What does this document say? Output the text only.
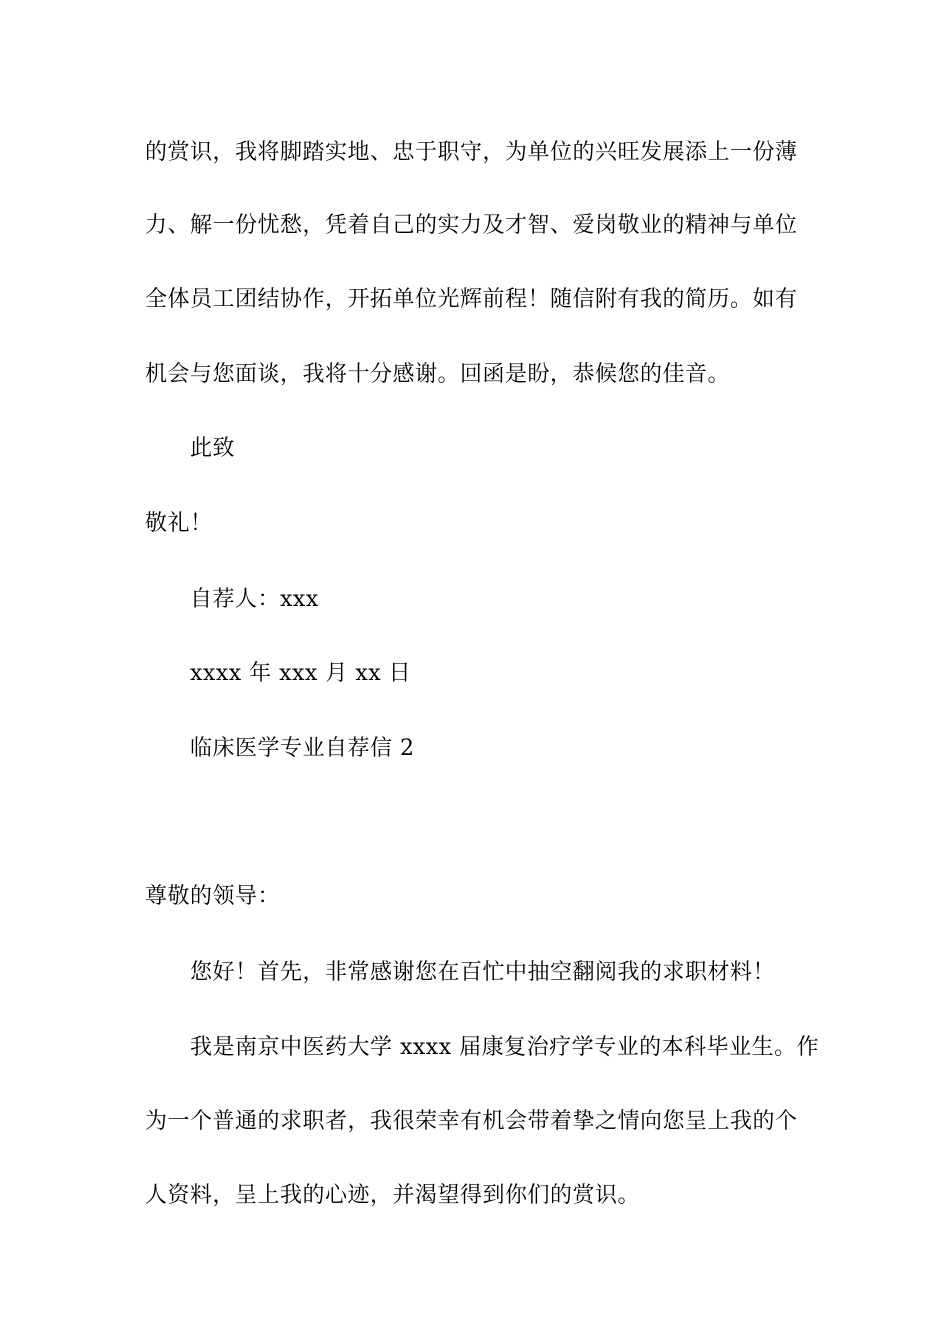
的赏识，我将脚踏实地、忠于职守，为单位的兴旺发展添上一份薄
力、解一份忧愁，凭着自己的实力及才智、爱岗敬业的精神与单位
全体员工团结协作，开拓单位光辉前程！随信附有我的简历。如有
机会与您面谈，我将十分感谢。回函是盼，恭候您的佳音。
此致
敬礼！
自荐人：xxx
xxxx 年 xxx 月 xx 日
临床医学专业自荐信 2
尊敬的领导：
您好！首先，非常感谢您在百忙中抽空翻阅我的求职材料！
我是南京中医药大学 xxxx 届康复治疗学专业的本科毕业生。作
为一个普通的求职者，我很荣幸有机会带着挚之情向您呈上我的个
人资料，呈上我的心迹，并渴望得到你们的赏识。
